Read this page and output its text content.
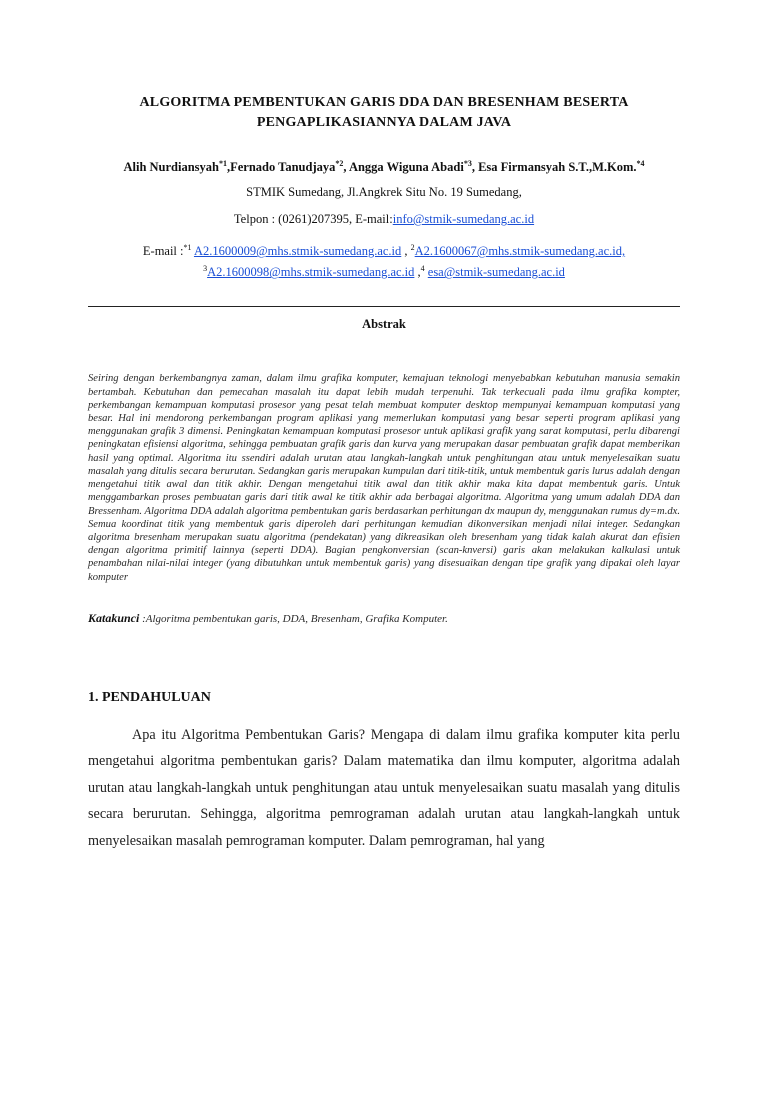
ALGORITMA PEMBENTUKAN GARIS DDA DAN BRESENHAM BESERTA
PENGAPLIKASIANNYA DALAM JAVA
Alih Nurdiansyah$^{*1}$,Fernado Tanudjaya$^{*2}$, Angga Wiguna Abadi$^{*3}$, Esa Firmansyah S.T.,M.Kom.$^{*4}$
STMIK Sumedang, Jl.Angkrek Situ No. 19 Sumedang,
Telpon : (0261)207395, E-mail:info@stmik-sumedang.ac.id
E-mail :$^{*1}$ A2.1600009@mhs.stmik-sumedang.ac.id , $^2$A2.1600067@mhs.stmik-sumedang.ac.id,
$^3$A2.1600098@mhs.stmik-sumedang.ac.id ,$^4$ esa@stmik-sumedang.ac.id
Abstrak
Seiring dengan berkembangnya zaman, dalam ilmu grafika komputer, kemajuan teknologi menyebabkan kebutuhan manusia semakin bertambah. Kebutuhan dan pemecahan masalah itu dapat lebih mudah terpenuhi. Tak terkecuali pada ilmu grafika kompter, perkembangan kemampuan komputasi prosesor yang pesat telah membuat komputer desktop mempunyai kemampuan komputasi yang besar. Hal ini mendorong perkembangan program aplikasi yang memerlukan komputasi yang besar seperti program aplikasi yang menggunakan grafik 3 dimensi. Peningkatan kemampuan komputasi prosesor untuk aplikasi grafik yang sarat komputasi, perlu dibarengi peningkatan efisiensi algoritma, sehingga pembuatan grafik garis dan kurva yang merupakan dasar pembuatan grafik dapat memberikan hasil yang optimal. Algoritma itu ssendiri adalah urutan atau langkah-langkah untuk penghitungan atau untuk menyelesaikan suatu masalah yang ditulis secara berurutan. Sedangkan garis merupakan kumpulan dari titik-titik, untuk membentuk garis lurus adalah dengan mengetahui titik awal dan titik akhir. Dengan mengetahui titik awal dan titik akhir maka kita dapat membentuk garis. Untuk menggambarkan proses pembuatan garis dari titik awal ke titik akhir ada berbagai algoritma. Algoritma yang umum adalah DDA dan Bressenham. Algoritma DDA adalah algoritma pembentukan garis berdasarkan perhitungan dx maupun dy, menggunakan rumus dy=m.dx. Semua koordinat titik yang membentuk garis diperoleh dari perhitungan kemudian dikonversikan menjadi nilai integer. Sedangkan algoritma bresenham merupakan suatu algoritma (pendekatan) yang dikreasikan oleh bresenham yang tidak kalah akurat dan efisien dengan algoritma primitif lainnya (seperti DDA). Bagian pengkonversian (scan-knversi) garis akan melakukan kalkulasi untuk penambahan nilai-nilai integer (yang dibutuhkan untuk membentuk garis) yang disesuaikan dengan tipe grafik yang dipakai oleh layar komputer
Katakunci :Algoritma pembentukan garis, DDA, Bresenham, Grafika Komputer.
1. PENDAHULUAN
Apa itu Algoritma Pembentukan Garis? Mengapa di dalam ilmu grafika komputer kita perlu mengetahui algoritma pembentukan garis? Dalam matematika dan ilmu komputer, algoritma adalah urutan atau langkah-langkah untuk penghitungan atau untuk menyelesaikan suatu masalah yang ditulis secara berurutan. Sehingga, algoritma pemrograman adalah urutan atau langkah-langkah untuk menyelesaikan masalah pemrograman komputer. Dalam pemrograman, hal yang
